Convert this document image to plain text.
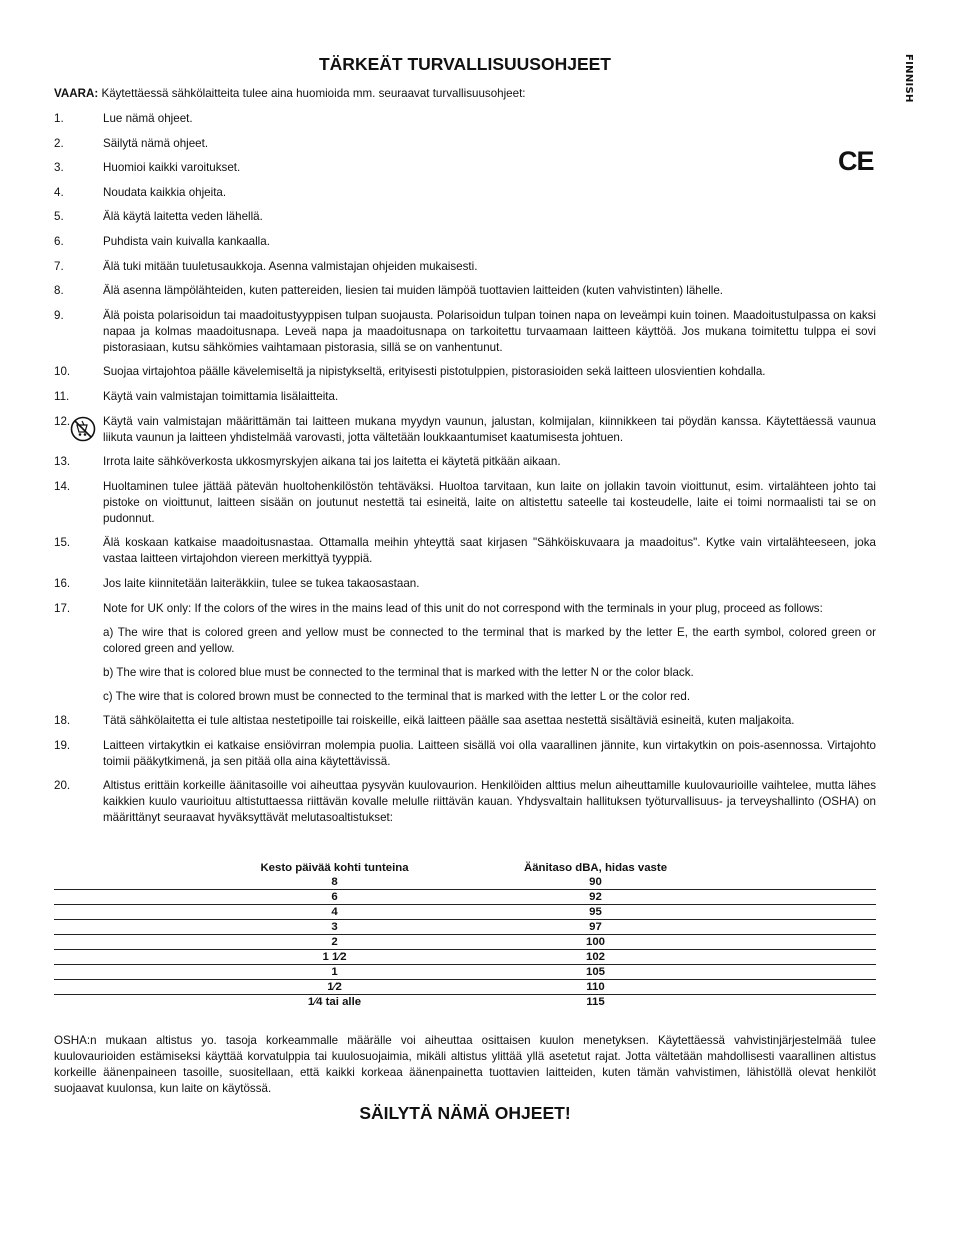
FINNISH
CE
TÄRKEÄT TURVALLISUUSOHJEET

VAARA: Käytettäessä sähkölaitteita tulee aina huomioida mm. seuraavat turvallisuusohjeet:

1.	Lue nämä ohjeet.
2.	Säilytä nämä ohjeet.
3.	Huomioi kaikki varoitukset.
4.	Noudata kaikkia ohjeita.
5.	Älä käytä laitetta veden lähellä.
6.	Puhdista vain kuivalla kankaalla.
7.	Älä tuki mitään tuuletusaukkoja. Asenna valmistajan ohjeiden mukaisesti.
8.	Älä asenna lämpölähteiden, kuten pattereiden, liesien tai muiden lämpöä tuottavien laitteiden (kuten vahvistinten) lähelle.
9.	Älä poista polarisoidun tai maadoitustyyppisen tulpan suojausta. Polarisoidun tulpan toinen napa on leveämpi kuin toinen. Maadoitustulpassa on kaksi napaa ja kolmas maadoitusnapa. Leveä napa ja maadoitusnapa on tarkoitettu turvaamaan laitteen käyttöä. Jos mukana toimitettu tulppa ei sovi pistorasiaan, kutsu sähkömies vaihtamaan pistorasia, sillä se on vanhentunut.
10.	Suojaa virtajohtoa päälle kävelemiseltä ja nipistykseltä, erityisesti pistotulppien, pistorasioiden sekä laitteen ulosvientien kohdalla.
11.	Käytä vain valmistajan toimittamia lisälaitteita.
12.	Käytä vain valmistajan määrittämän tai laitteen mukana myydyn vaunun, jalustan, kolmijalan, kiinnikkeen tai pöydän kanssa. Käytettäessä vaunua liikuta vaunun ja laitteen yhdistelmää varovasti, jotta vältetään loukkaantumiset kaatumisesta johtuen.
13.	Irrota laite sähköverkosta ukkosmyrskyjen aikana tai jos laitetta ei käytetä pitkään aikaan.
14.	Huoltaminen tulee jättää pätevän huoltohenkilöstön tehtäväksi. Huoltoa tarvitaan, kun laite on jollakin tavoin vioittunut, esim. virtalähteen johto tai pistoke on vioittunut, laitteen sisään on joutunut nestettä tai esineitä, laite on altistettu sateelle tai kosteudelle, laite ei toimi normaalisti tai se on pudonnut.
15.	Älä koskaan katkaise maadoitusnastaa. Ottamalla meihin yhteyttä saat kirjasen "Sähköiskuvaara ja maadoitus". Kytke vain virtalähteeseen, joka vastaa laitteen virtajohdon viereen merkittyä tyyppiä.
16.	Jos laite kiinnitetään laiteräkkiin, tulee se tukea takaosastaan.
17.	Note for UK only: If the colors of the wires in the mains lead of this unit do not correspond with the terminals in your plug, proceed as follows:

a) The wire that is colored green and yellow must be connected to the terminal that is marked by the letter E, the earth symbol, colored green or colored green and yellow.

b) The wire that is colored blue must be connected to the terminal that is marked with the letter N or the color black.

c) The wire that is colored brown must be connected to the terminal that is marked with the letter L or the color red.

18.	Tätä sähkölaitetta ei tule altistaa nestetipoille tai roiskeille, eikä laitteen päälle saa asettaa nestettä sisältäviä esineitä, kuten maljakoita.
19.	Laitteen virtakytkin ei katkaise ensiövirran molempia puolia. Laitteen sisällä voi olla vaarallinen jännite, kun virtakytkin on pois-asennossa. Virtajohto toimii pääkytkimenä, ja sen pitää olla aina käytettävissä.
20.	Altistus erittäin korkeille äänitasoille voi aiheuttaa pysyvän kuulovaurion. Henkilöiden alttius melun aiheuttamille kuulovaurioille vaihtelee, mutta lähes kaikkien kuulo vaurioituu altistuttaessa riittävän kovalle melulle riittävän kauan. Yhdysvaltain hallituksen työturvallisuus- ja terveyshallinto (OSHA) on määrittänyt seuraavat hyväksyttävät melutasoaltistukset:
Kesto päivää kohti tunteina	Äänitaso dBA, hidas vaste
8	90
6	92
4	95
3	97
2	100
1 1⁄2	102
1	105
1⁄2	110
1⁄4 tai alle	115

OSHA:n mukaan altistus yo. tasoja korkeammalle määrälle voi aiheuttaa osittaisen kuulon menetyksen. Käytettäessä vahvistinjärjestelmää tulee kuulovaurioiden estämiseksi käyttää korvatulppia tai kuulosuojaimia, mikäli altistus ylittää yllä asetetut rajat. Jotta vältetään mahdollisesti vaarallinen altistus korkeille äänenpaineen tasoille, suositellaan, että kaikki korkeaa äänenpainetta tuottavien laitteiden, kuten tämän vahvistimen, lähistöllä olevat henkilöt suojaavat kuulonsa, kun laite on käytössä.

SÄILYTÄ NÄMÄ OHJEET!
